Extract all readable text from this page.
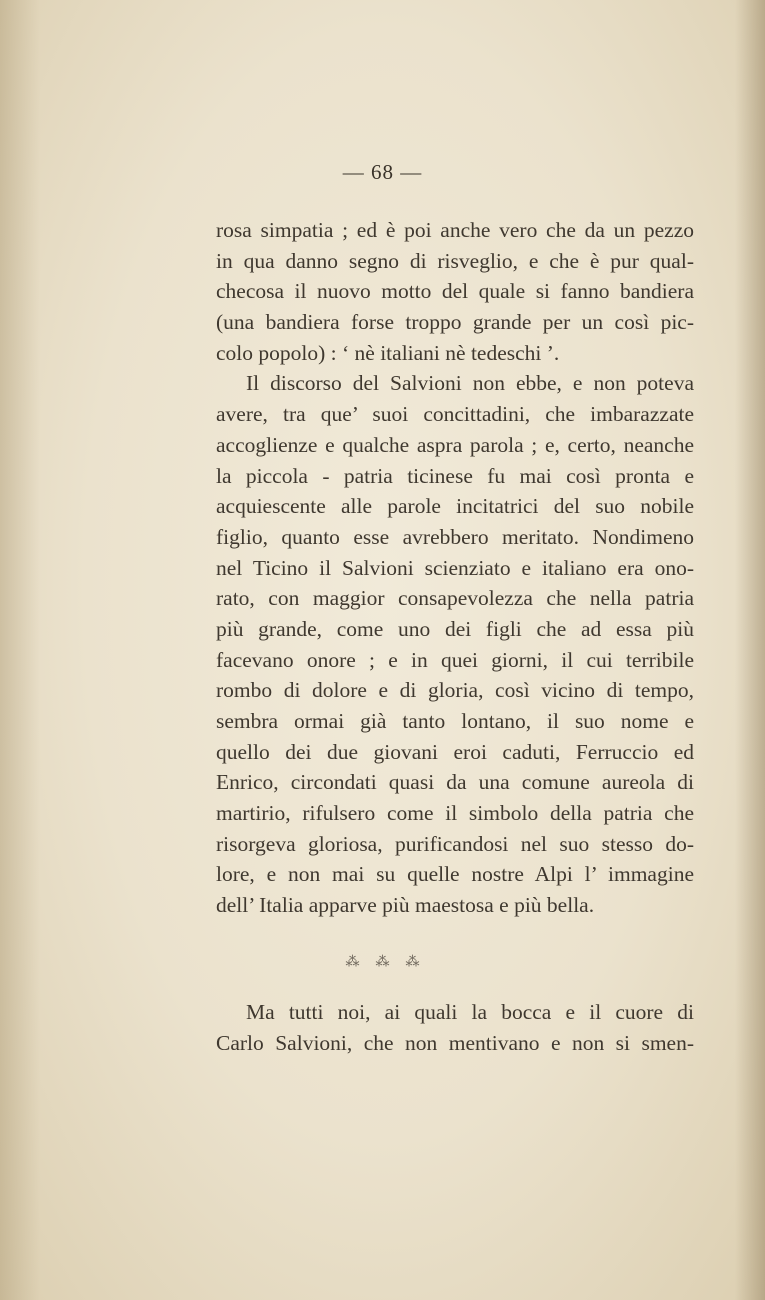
— 68 —
rosa simpatia ; ed è poi anche vero che da un pezzo
in qua danno segno di risveglio, e che è pur qual-
checosa il nuovo motto del quale si fanno bandiera
(una bandiera forse troppo grande per un così pic-
colo popolo) : ‘ nè italiani nè tedeschi ’.
Il discorso del Salvioni non ebbe, e non poteva
avere, tra que’ suoi concittadini, che imbarazzate
accoglienze e qualche aspra parola ; e, certo, neanche
la piccola - patria ticinese fu mai così pronta e
acquiescente alle parole incitatrici del suo nobile
figlio, quanto esse avrebbero meritato. Nondimeno
nel Ticino il Salvioni scienziato e italiano era ono-
rato, con maggior consapevolezza che nella patria
più grande, come uno dei figli che ad essa più
facevano onore ; e in quei giorni, il cui terribile
rombo di dolore e di gloria, così vicino di tempo,
sembra ormai già tanto lontano, il suo nome e
quello dei due giovani eroi caduti, Ferruccio ed
Enrico, circondati quasi da una comune aureola di
martirio, rifulsero come il simbolo della patria che
risorgeva gloriosa, purificandosi nel suo stesso do-
lore, e non mai su quelle nostre Alpi l’ immagine
dell’ Italia apparve più maestosa e più bella.
⁂⁂⁂
Ma tutti noi, ai quali la bocca e il cuore di
Carlo Salvioni, che non mentivano e non si smen-
